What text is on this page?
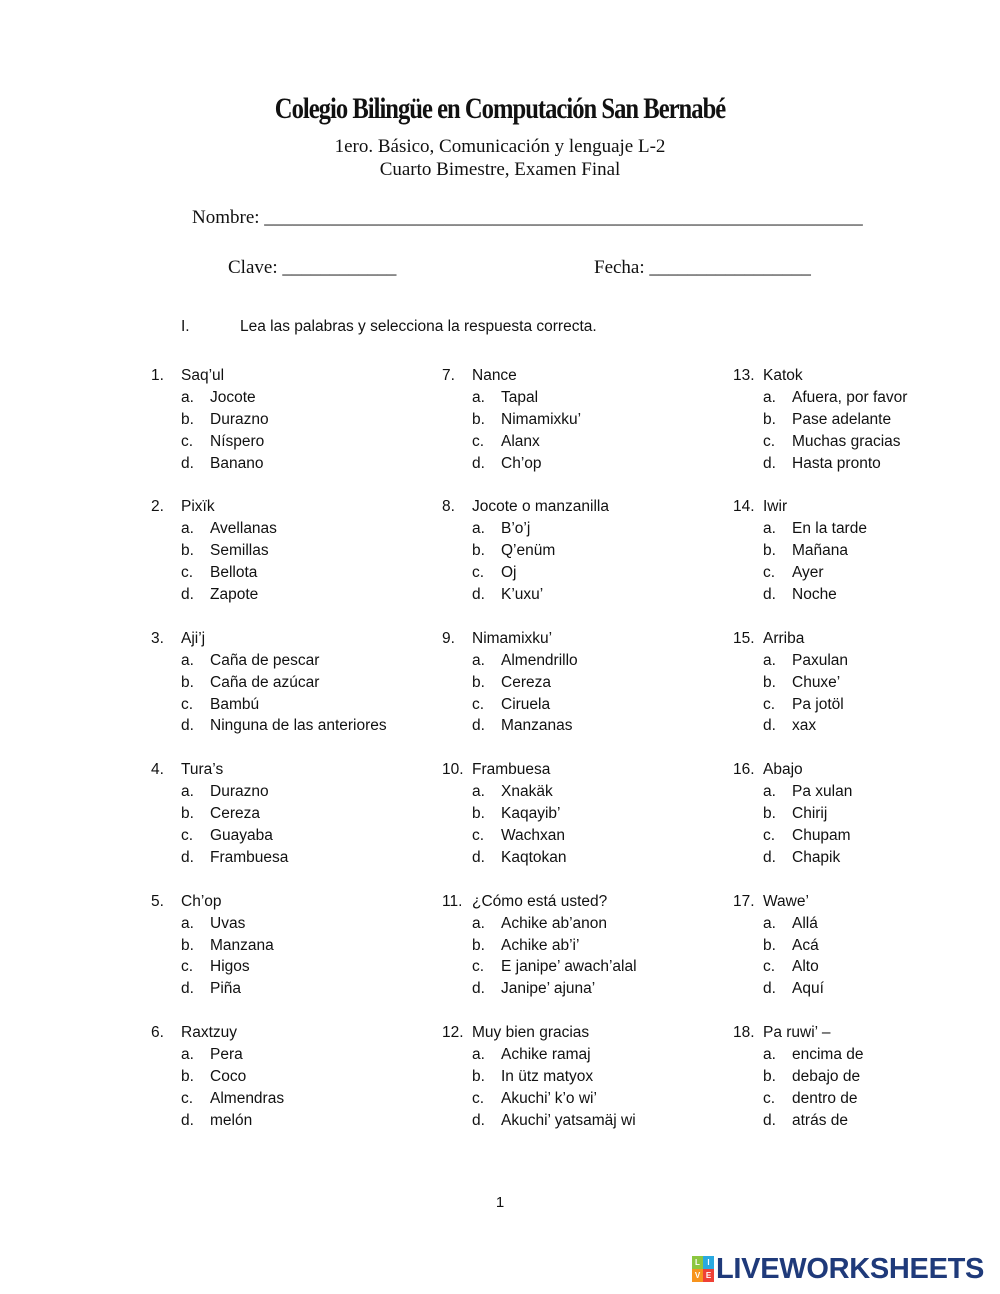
Colegio Bilingüe en Computación San Bernabé
1ero. Básico, Comunicación y lenguaje L-2
Cuarto Bimestre, Examen Final
Nombre: _______________________________________________________________
Clave: ____________	Fecha: _________________
I.	Lea las palabras y selecciona la respuesta correcta.
1. Saq’ul
a. Jocote
b. Durazno
c. Níspero
d. Banano
2. Pixïk
a. Avellanas
b. Semillas
c. Bellota
d. Zapote
3. Aji’j
a. Caña de pescar
b. Caña de azúcar
c. Bambú
d. Ninguna de las anteriores
4. Tura’s
a. Durazno
b. Cereza
c. Guayaba
d. Frambuesa
5. Ch’op
a. Uvas
b. Manzana
c. Higos
d. Piña
6. Raxtzuy
a. Pera
b. Coco
c. Almendras
d. melón
7. Nance
a. Tapal
b. Nimamixku’
c. Alanx
d. Ch’op
8. Jocote o manzanilla
a. B’o’j
b. Q’enüm
c. Oj
d. K’uxu’
9. Nimamixku’
a. Almendrillo
b. Cereza
c. Ciruela
d. Manzanas
10. Frambuesa
a. Xnakäk
b. Kaqayib’
c. Wachxan
d. Kaqtokan
11. ¿Cómo está usted?
a. Achike ab’anon
b. Achike ab’i’
c. E janipe’ awach’alal
d. Janipe’ ajuna’
12. Muy bien gracias
a. Achike ramaj
b. In ütz matyox
c. Akuchi’ k’o wi’
d. Akuchi’ yatsamäj wi
13. Katok
a. Afuera, por favor
b. Pase adelante
c. Muchas gracias
d. Hasta pronto
14. Iwir
a. En la tarde
b. Mañana
c. Ayer
d. Noche
15. Arriba
a. Paxulan
b. Chuxe’
c. Pa jotöl
d. xax
16. Abajo
a. Pa xulan
b. Chirij
c. Chupam
d. Chapik
17. Wawe’
a. Allá
b. Acá
c. Alto
d. Aquí
18. Pa ruwi’ –
a. encima de
b. debajo de
c. dentro de
d. atrás de
1
L I
V E LIVEWORKSHEETS
